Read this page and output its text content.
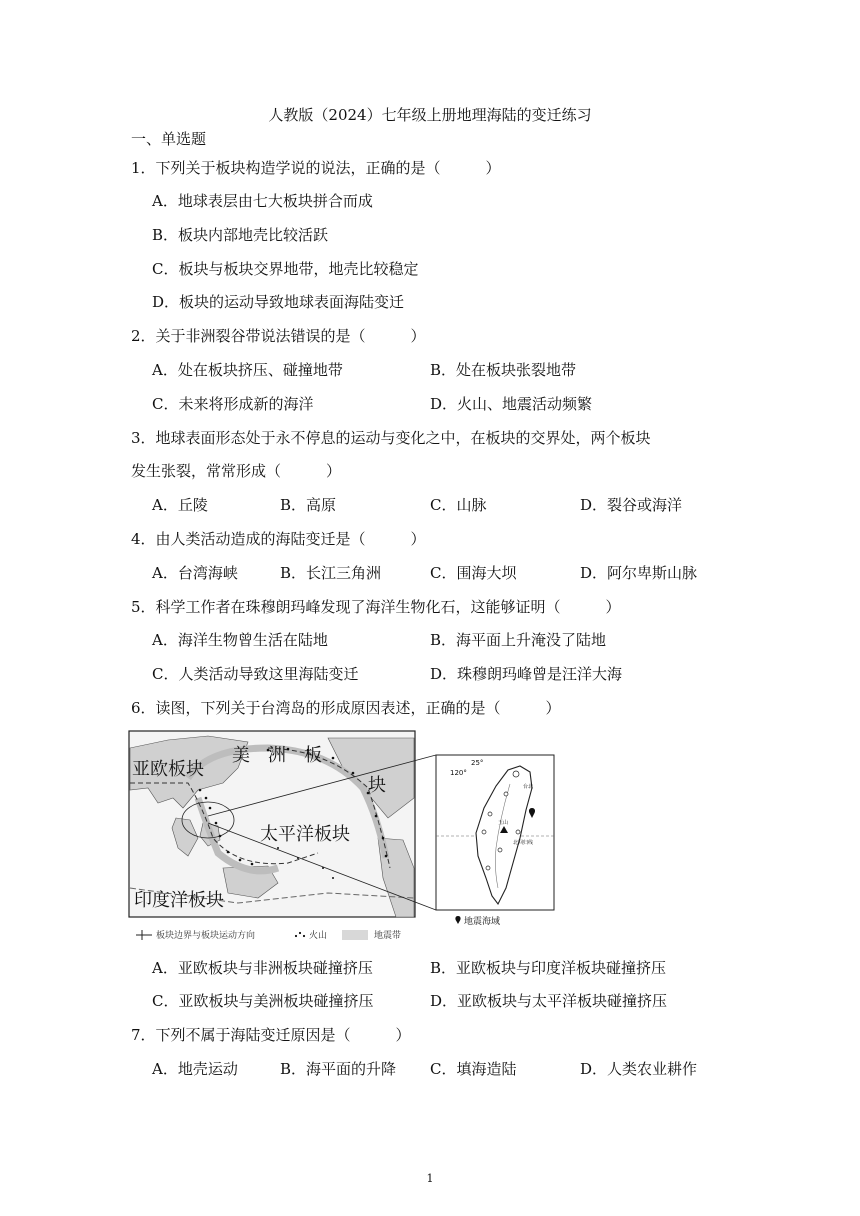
人教版（2024）七年级上册地理海陆的变迁练习
一、单选题
1．下列关于板块构造学说的说法，正确的是（　　　）
A．地球表层由七大板块拼合而成
B．板块内部地壳比较活跃
C．板块与板块交界地带，地壳比较稳定
D．板块的运动导致地球表面海陆变迁
2．关于非洲裂谷带说法错误的是（　　　）
A．处在板块挤压、碰撞地带	B．处在板块张裂地带
C．未来将形成新的海洋	D．火山、地震活动频繁
3．地球表面形态处于永不停息的运动与变化之中，在板块的交界处，两个板块
发生张裂，常常形成（　　　）
A．丘陵	B．高原	C．山脉	D．裂谷或海洋
4．由人类活动造成的海陆变迁是（　　　）
A．台湾海峡	B．长江三角洲	C．围海大坝	D．阿尔卑斯山脉
5．科学工作者在珠穆朗玛峰发现了海洋生物化石，这能够证明（　　　）
A．海洋生物曾生活在陆地	B．海平面上升淹没了陆地
C．人类活动导致这里海陆变迁	D．珠穆朗玛峰曾是汪洋大海
6．读图，下列关于台湾岛的形成原因表述，正确的是（　　　）
亚欧板块
美　洲　板
块
太平洋板块
印度洋板块
25°
120°
台北
玉山
北回归线
地震海域
板块边界与板块运动方向	火山	地震带
A．亚欧板块与非洲板块碰撞挤压	B．亚欧板块与印度洋板块碰撞挤压
C．亚欧板块与美洲板块碰撞挤压	D．亚欧板块与太平洋板块碰撞挤压
7．下列不属于海陆变迁原因是（　　　）
A．地壳运动	B．海平面的升降 C．填海造陆	D．人类农业耕作
1
